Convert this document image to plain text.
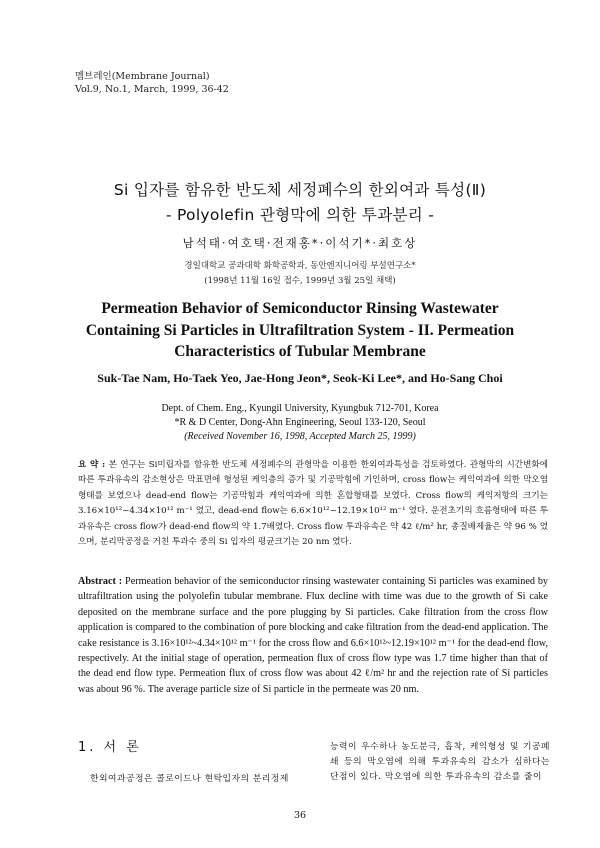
멤브레인(Membrane Journal)
Vol.9, No.1, March, 1999, 36-42
Si 입자를 함유한 반도체 세정폐수의 한외여과 특성(Ⅱ)
- Polyolefin 관형막에 의한 투과분리 -
남석태·여호택·전재홍*·이석기*·최호상
경일대학교 공과대학 화학공학과, 동안엔지니어링 부설연구소*
(1998년 11월 16일 접수, 1999년 3월 25일 채택)
Permeation Behavior of Semiconductor Rinsing Wastewater Containing Si Particles in Ultrafiltration System - II. Permeation Characteristics of Tubular Membrane
Suk-Tae Nam, Ho-Taek Yeo, Jae-Hong Jeon*, Seok-Ki Lee*, and Ho-Sang Choi
Dept. of Chem. Eng., Kyungil University, Kyungbuk 712-701, Korea
*R & D Center, Dong-Ahn Engineering, Seoul 133-120, Seoul
(Received November 16, 1998, Accepted March 25, 1999)
요 약 : 본 연구는 Si미립자를 함유한 반도체 세정폐수의 관형막을 이용한 한외여과특성을 검토하였다. 관형막의 시간변화에 따른 투과유속의 감소현상은 막표면에 형성된 케익층의 증가 및 기공막힘에 기인하며, cross flow는 케익여과에 의한 막오염 형태를 보였으나 dead-end flow는 기공막힘과 케익여과에 의한 혼합형태를 보였다. Cross flow의 케익저항의 크기는 3.16×10¹²~4.34×10¹² m⁻¹ 였고, dead-end flow는 6.6×10¹²~12.19×10¹² m⁻¹ 였다. 운전초기의 흐름형태에 따른 투과유속은 cross flow가 dead-end flow의 약 1.7배였다. Cross flow 투과유속은 약 42 ℓ/m² hr, 총질배제율은 약 96 % 였으며, 분리막공정을 거친 투과수 중의 Si 입자의 평균크기는 20 nm 였다.
Abstract : Permeation behavior of the semiconductor rinsing wastewater containing Si particles was examined by ultrafiltration using the polyolefin tubular membrane. Flux decline with time was due to the growth of Si cake deposited on the membrane surface and the pore plugging by Si particles. Cake filtration from the cross flow application is compared to the combination of pore blocking and cake filtration from the dead-end application. The cake resistance is 3.16×10¹²~4.34×10¹² m⁻¹ for the cross flow and 6.6×10¹²~12.19×10¹² m⁻¹ for the dead-end flow, respectively. At the initial stage of operation, permeation flux of cross flow type was 1.7 time higher than that of the dead end flow type. Permeation flux of cross flow was about 42 ℓ/m² hr and the rejection rate of Si particles was about 96 %. The average particle size of Si particle in the permeate was 20 nm.
1. 서 론
한외여과공정은 콜로이드나 현탁입자의 분리정제
능력이 우수하나 농도분극, 흡착, 케익형성 및 기공폐쇄 등의 막오염에 의해 투과유속의 감소가 심하다는 단점이 있다. 막오염에 의한 투과유속의 감소를 줄이
36
